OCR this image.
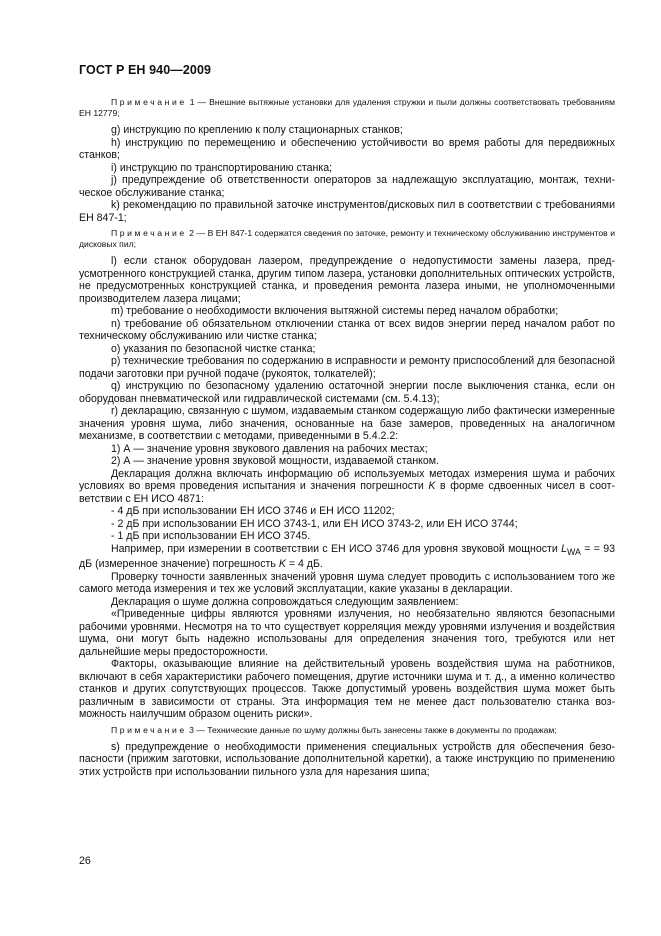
ГОСТ Р ЕН 940—2009

Примечание 1 — Внешние вытяжные установки для удаления стружки и пыли должны соответствовать требованиям ЕН 12779;

g) инструкцию по креплению к полу стационарных станков;

h) инструкцию по перемещению и обеспечению устойчивости во время работы для передвижных станков;

i) инструкцию по транспортированию станка;

j) предупреждение об ответственности операторов за надлежащую эксплуатацию, монтаж, техническое обслуживание станка;

k) рекомендацию по правильной заточке инструментов/дисковых пил в соответствии с требованиями ЕН 847-1;

Примечание 2 — В ЕН 847-1 содержатся сведения по заточке, ремонту и техническому обслуживанию инструментов и дисковых пил;

l) если станок оборудован лазером, предупреждение о недопустимости замены лазера, предусмотренного конструкцией станка, другим типом лазера, установки дополнительных оптических устройств, не предусмотренных конструкцией станка, и проведения ремонта лазера иными, не уполномоченными производителем лазера лицами;

m) требование о необходимости включения вытяжной системы перед началом обработки;

n) требование об обязательном отключении станка от всех видов энергии перед началом работ по техническому обслуживанию или чистке станка;

o) указания по безопасной чистке станка;

p) технические требования по содержанию в исправности и ремонту приспособлений для безопасной подачи заготовки при ручной подаче (рукояток, толкателей);

q) инструкцию по безопасному удалению остаточной энергии после выключения станка, если он оборудован пневматической или гидравлической системами (см. 5.4.13);

r) декларацию, связанную с шумом, издаваемым станком содержащую либо фактически измеренные значения уровня шума, либо значения, основанные на базе замеров, проведенных на аналогичном механизме, в соответствии с методами, приведенными в 5.4.2.2:

1) А — значение уровня звукового давления на рабочих местах;

2) А — значение уровня звуковой мощности, издаваемой станком.

Декларация должна включать информацию об используемых методах измерения шума и рабочих условиях во время проведения испытания и значения погрешности K в форме сдвоенных чисел в соответствии с ЕН ИСО 4871:

- 4 дБ при использовании ЕН ИСО 3746 и ЕН ИСО 11202;

- 2 дБ при использовании ЕН ИСО 3743-1, или ЕН ИСО 3743-2, или ЕН ИСО 3744;

- 1 дБ при использовании ЕН ИСО 3745.

Например, при измерении в соответствии с ЕН ИСО 3746 для уровня звуковой мощности $L_{WA}$ = = 93 дБ (измеренное значение) погрешность K = 4 дБ.

Проверку точности заявленных значений уровня шума следует проводить с использованием того же самого метода измерения и тех же условий эксплуатации, какие указаны в декларации.

Декларация о шуме должна сопровождаться следующим заявлением:

«Приведенные цифры являются уровнями излучения, но необязательно являются безопасными рабочими уровнями. Несмотря на то что существует корреляция между уровнями излучения и воздействия шума, они могут быть надежно использованы для определения значения того, требуются или нет дальнейшие меры предосторожности.

Факторы, оказывающие влияние на действительный уровень воздействия шума на работников, включают в себя характеристики рабочего помещения, другие источники шума и т. д., а именно количество станков и других сопутствующих процессов. Также допустимый уровень воздействия шума может быть различным в зависимости от страны. Эта информация тем не менее даст пользователю станка возможность наилучшим образом оценить риски».

Примечание 3 — Технические данные по шуму должны быть занесены также в документы по продажам;

s) предупреждение о необходимости применения специальных устройств для обеспечения безопасности (прижим заготовки, использование дополнительной каретки), а также инструкцию по применению этих устройств при использовании пильного узла для нарезания шипа;

26
